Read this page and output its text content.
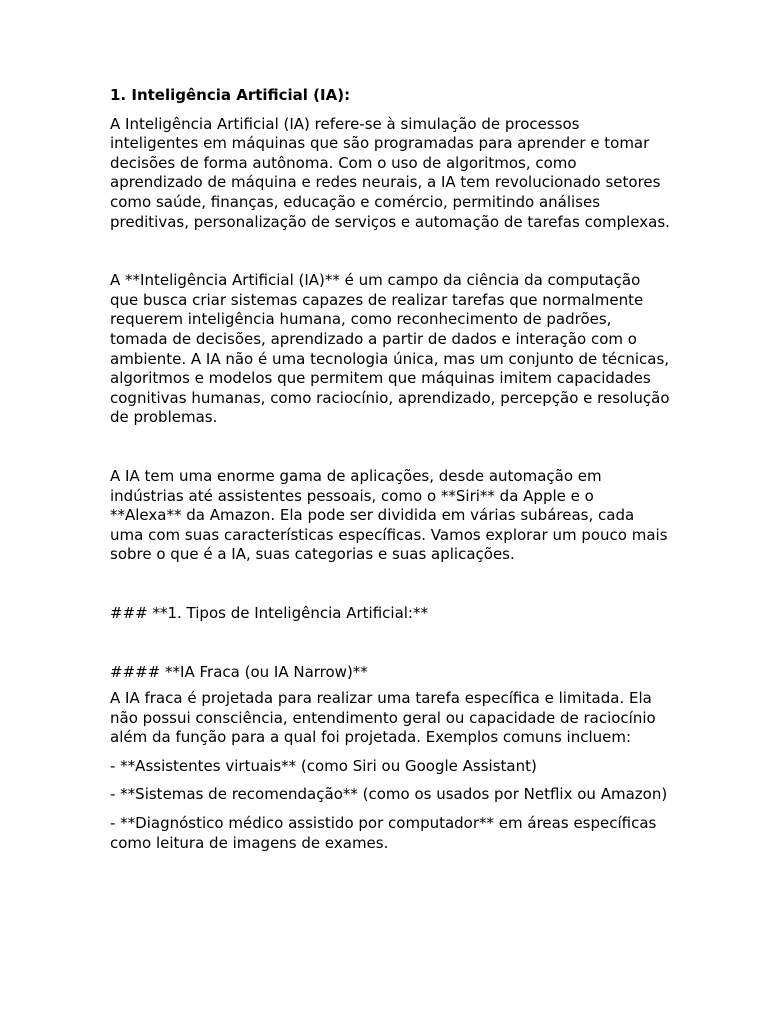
1. Inteligência Artificial (IA):

A Inteligência Artificial (IA) refere-se à simulação de processos inteligentes em máquinas que são programadas para aprender e tomar decisões de forma autônoma. Com o uso de algoritmos, como aprendizado de máquina e redes neurais, a IA tem revolucionado setores como saúde, finanças, educação e comércio, permitindo análises preditivas, personalização de serviços e automação de tarefas complexas.

A **Inteligência Artificial (IA)** é um campo da ciência da computação que busca criar sistemas capazes de realizar tarefas que normalmente requerem inteligência humana, como reconhecimento de padrões, tomada de decisões, aprendizado a partir de dados e interação com o ambiente. A IA não é uma tecnologia única, mas um conjunto de técnicas, algoritmos e modelos que permitem que máquinas imitem capacidades cognitivas humanas, como raciocínio, aprendizado, percepção e resolução de problemas.

A IA tem uma enorme gama de aplicações, desde automação em indústrias até assistentes pessoais, como o **Siri** da Apple e o **Alexa** da Amazon. Ela pode ser dividida em várias subáreas, cada uma com suas características específicas. Vamos explorar um pouco mais sobre o que é a IA, suas categorias e suas aplicações.

### **1. Tipos de Inteligência Artificial:**

#### **IA Fraca (ou IA Narrow)**

A IA fraca é projetada para realizar uma tarefa específica e limitada. Ela não possui consciência, entendimento geral ou capacidade de raciocínio além da função para a qual foi projetada. Exemplos comuns incluem:

- **Assistentes virtuais** (como Siri ou Google Assistant)

- **Sistemas de recomendação** (como os usados por Netflix ou Amazon)

- **Diagnóstico médico assistido por computador** em áreas específicas como leitura de imagens de exames.
